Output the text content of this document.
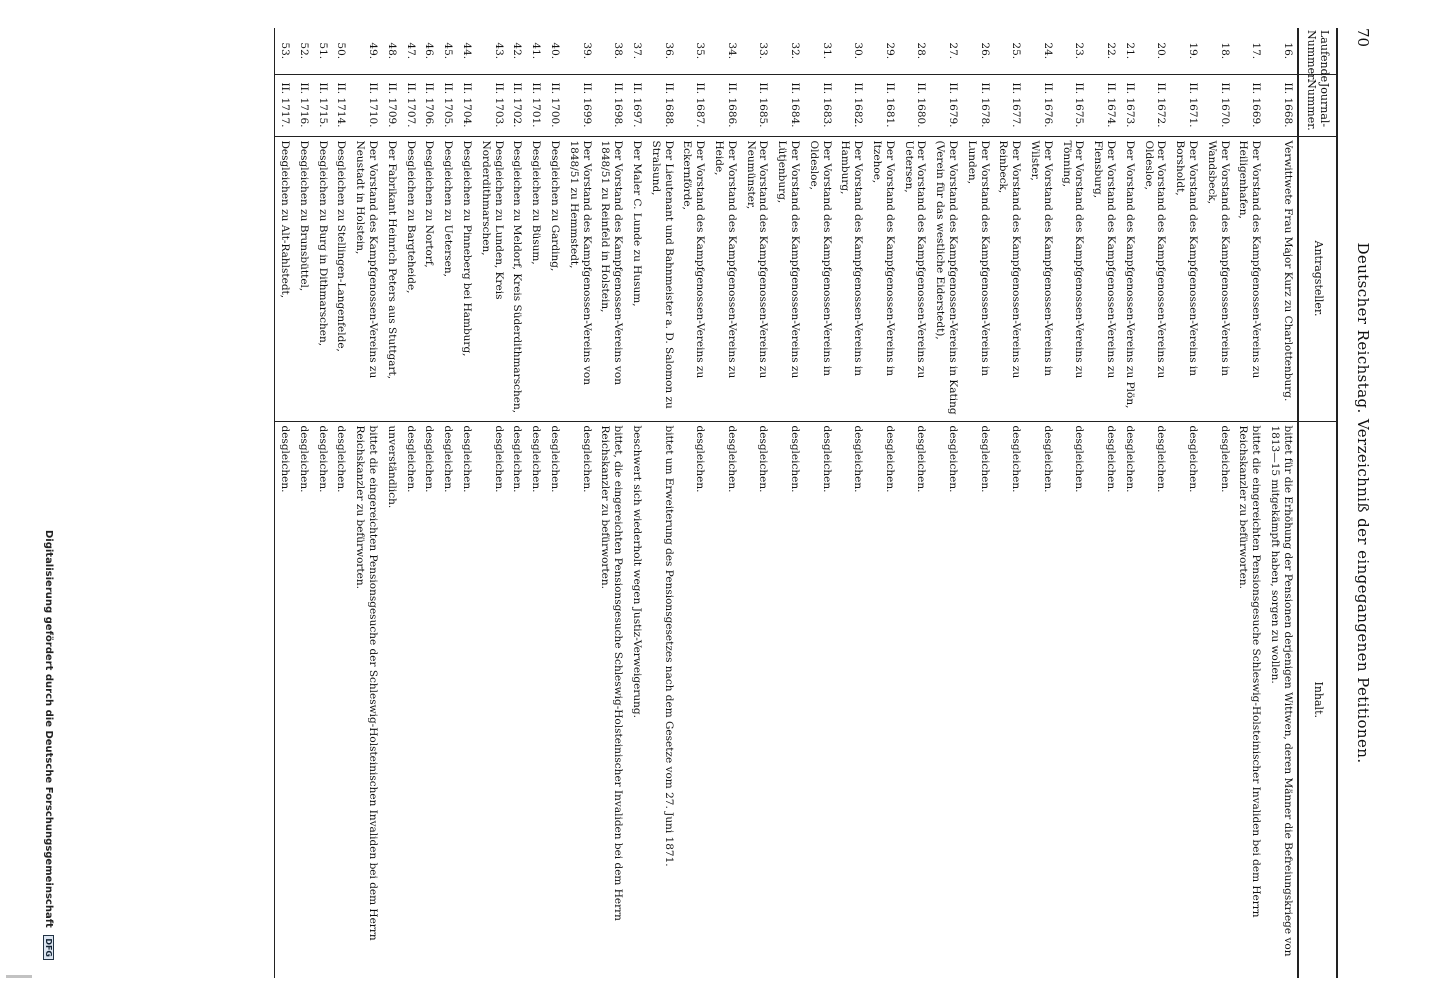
70
Deutscher Reichstag. Verzeichniß der eingegangenen Petitionen.
Laufende Nummer.	Journal-Nummer.	Antragsteller.	Inhalt.
16.	II. 1668.	Verwittwete Frau Major Kurz zu Charlottenburg.	bittet für die Erhöhung der Pensionen derjenigen Wittwen, deren Männer die Befreiungskriege von 1813—15 mitgekämpft haben, sorgen zu wollen.
17.	II. 1669.	Der Vorstand des Kampfgenossen-Vereins zu Heiligenhafen,	bittet die eingereichten Pensionsgesuche Schleswig-Holsteinischer Invaliden bei dem Herrn Reichskanzler zu befürworten.
18.	II. 1670.	Der Vorstand des Kampfgenossen-Vereins in Wandsbeck,	desgleichen.
19.	II. 1671.	Der Vorstand des Kampfgenossen-Vereins in Borsholdt,	desgleichen.
20.	II. 1672.	Der Vorstand des Kampfgenossen-Vereins zu Oldesloe,	desgleichen.
21.	II. 1673.	Der Vorstand des Kampfgenossen-Vereins zu Plön,	desgleichen.
22.	II. 1674.	Der Vorstand des Kampfgenossen-Vereins zu Flensburg,	desgleichen.
23.	II. 1675.	Der Vorstand des Kampfgenossen-Vereins zu Tönning,	desgleichen.
24.	II. 1676.	Der Vorstand des Kampfgenossen-Vereins in Wilster,	desgleichen.
25.	II. 1677.	Der Vorstand des Kampfgenossen-Vereins zu Reinbeck,	desgleichen.
26.	II. 1678.	Der Vorstand des Kampfgenossen-Vereins in Lunden,	desgleichen.
27.	II. 1679.	Der Vorstand des Kampfgenossen-Vereins in Kating (Verein für das westliche Eiderstedt),	desgleichen.
28.	II. 1680.	Der Vorstand des Kampfgenossen-Vereins zu Uetersen,	desgleichen.
29.	II. 1681.	Der Vorstand des Kampfgenossen-Vereins in Itzehoe,	desgleichen.
30.	II. 1682.	Der Vorstand des Kampfgenossen-Vereins in Hamburg,	desgleichen.
31.	II. 1683.	Der Vorstand des Kampfgenossen-Vereins in Oldesloe,	desgleichen.
32.	II. 1684.	Der Vorstand des Kampfgenossen-Vereins zu Lütjenburg,	desgleichen.
33.	II. 1685.	Der Vorstand des Kampfgenossen-Vereins zu Neumünster,	desgleichen.
34.	II. 1686.	Der Vorstand des Kampfgenossen-Vereins zu Heide,	desgleichen.
35.	II. 1687.	Der Vorstand des Kampfgenossen-Vereins zu Eckernförde,	desgleichen.
36.	II. 1688.	Der Lieutenant und Bahnmeister a. D. Salomon zu Stralsund,	bittet um Erweiterung des Pensionsgesetzes nach dem Gesetze vom 27. Juni 1871.
37.	II. 1697.	Der Maler C. Lunde zu Husum,	beschwert sich wiederholt wegen Justiz-Verweigerung.
38.	II. 1698.	Der Vorstand des Kampfgenossen-Vereins von 1848/51 zu Reinfeld in Holstein,	bittet, die eingereichten Pensionsgesuche Schleswig-Holsteinischer Invaliden bei dem Herrn Reichskanzler zu befürworten.
39.	II. 1699.	Der Vorstand des Kampfgenossen-Vereins von 1848/51 zu Hemmstedt,	desgleichen.
40.	II. 1700.	Desgleichen zu Garding,	desgleichen.
41.	II. 1701.	Desgleichen zu Büsum,	desgleichen.
42.	II. 1702.	Desgleichen zu Meldorf, Kreis Süderdithmarschen,	desgleichen.
43.	II. 1703.	Desgleichen zu Lunden, Kreis Norderdithmarschen,	desgleichen.
44.	II. 1704.	Desgleichen zu Pinneberg bei Hamburg,	desgleichen.
45.	II. 1705.	Desgleichen zu Uetersen,	desgleichen.
46.	II. 1706.	Desgleichen zu Nortorf,	desgleichen.
47.	II. 1707.	Desgleichen zu Bargteheide,	desgleichen.
48.	II. 1709.	Der Fabrikant Heinrich Peters aus Stuttgart,	unverständlich.
49.	II. 1710.	Der Vorstand des Kampfgenossen-Vereins zu Neustadt in Holstein,	bittet die eingereichten Pensionsgesuche der Schleswig-Holsteinischen Invaliden bei dem Herrn Reichskanzler zu befürworten.
50.	II. 1714.	Desgleichen zu Stellingen-Langenfelde,	desgleichen.
51.	II. 1715.	Desgleichen zu Burg in Dithmarschen,	desgleichen.
52.	II. 1716.	Desgleichen zu Brunsbüttel,	desgleichen.
53.	II. 1717.	Desgleichen zu Alt-Rahlstedt,	desgleichen.
Digitalisierung gefördert durch die Deutsche Forschungsgemeinschaft DFG
